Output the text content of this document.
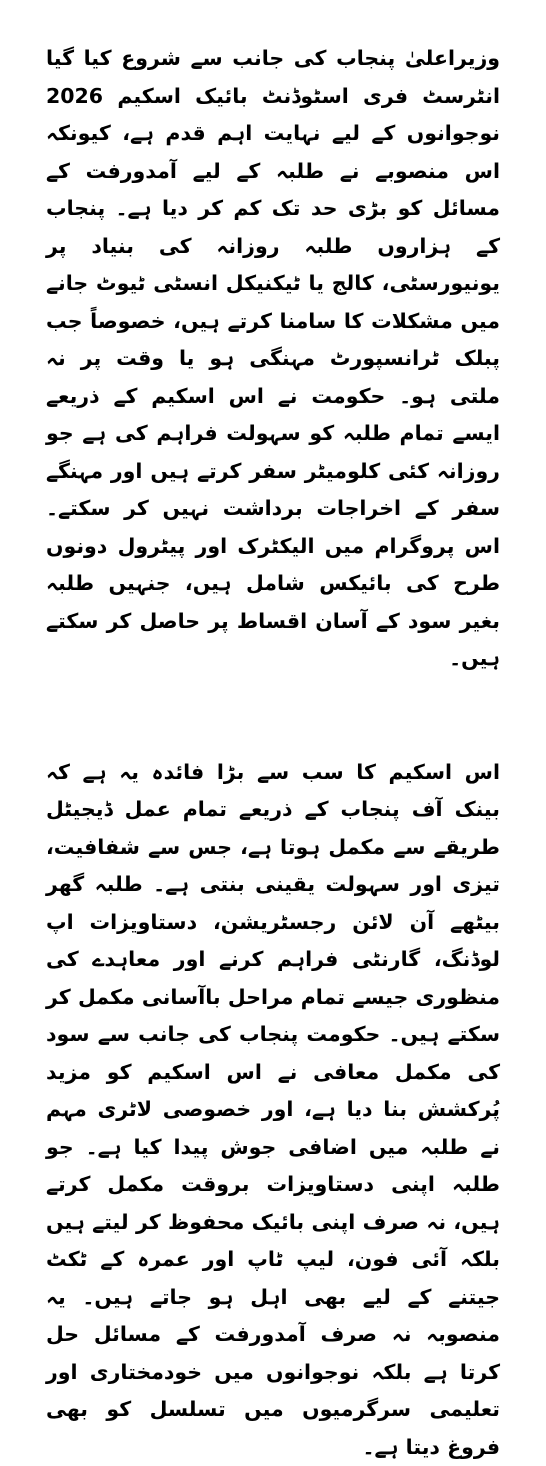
وزیراعلیٰ پنجاب کی جانب سے شروع کیا گیا انٹرسٹ فری اسٹوڈنٹ بائیک اسکیم 2026 نوجوانوں کے لیے نہایت اہم قدم ہے، کیونکہ اس منصوبے نے طلبہ کے لیے آمدورفت کے مسائل کو بڑی حد تک کم کر دیا ہے۔ پنجاب کے ہزاروں طلبہ روزانہ کی بنیاد پر یونیورسٹی، کالج یا ٹیکنیکل انسٹی ٹیوٹ جانے میں مشکلات کا سامنا کرتے ہیں، خصوصاً جب پبلک ٹرانسپورٹ مہنگی ہو یا وقت پر نہ ملتی ہو۔ حکومت نے اس اسکیم کے ذریعے ایسے تمام طلبہ کو سہولت فراہم کی ہے جو روزانہ کئی کلومیٹر سفر کرتے ہیں اور مہنگے سفر کے اخراجات برداشت نہیں کر سکتے۔ اس پروگرام میں الیکٹرک اور پیٹرول دونوں طرح کی بائیکس شامل ہیں، جنہیں طلبہ بغیر سود کے آسان اقساط پر حاصل کر سکتے ہیں۔

اس اسکیم کا سب سے بڑا فائدہ یہ ہے کہ بینک آف پنجاب کے ذریعے تمام عمل ڈیجیٹل طریقے سے مکمل ہوتا ہے، جس سے شفافیت، تیزی اور سہولت یقینی بنتی ہے۔ طلبہ گھر بیٹھے آن لائن رجسٹریشن، دستاویزات اپ لوڈنگ، گارنٹی فراہم کرنے اور معاہدے کی منظوری جیسے تمام مراحل باآسانی مکمل کر سکتے ہیں۔ حکومت پنجاب کی جانب سے سود کی مکمل معافی نے اس اسکیم کو مزید پُرکشش بنا دیا ہے، اور خصوصی لاٹری مہم نے طلبہ میں اضافی جوش پیدا کیا ہے۔ جو طلبہ اپنی دستاویزات بروقت مکمل کرتے ہیں، نہ صرف اپنی بائیک محفوظ کر لیتے ہیں بلکہ آئی فون، لیپ ٹاپ اور عمرہ کے ٹکٹ جیتنے کے لیے بھی اہل ہو جاتے ہیں۔ یہ منصوبہ نہ صرف آمدورفت کے مسائل حل کرتا ہے بلکہ نوجوانوں میں خودمختاری اور تعلیمی سرگرمیوں میں تسلسل کو بھی فروغ دیتا ہے۔
